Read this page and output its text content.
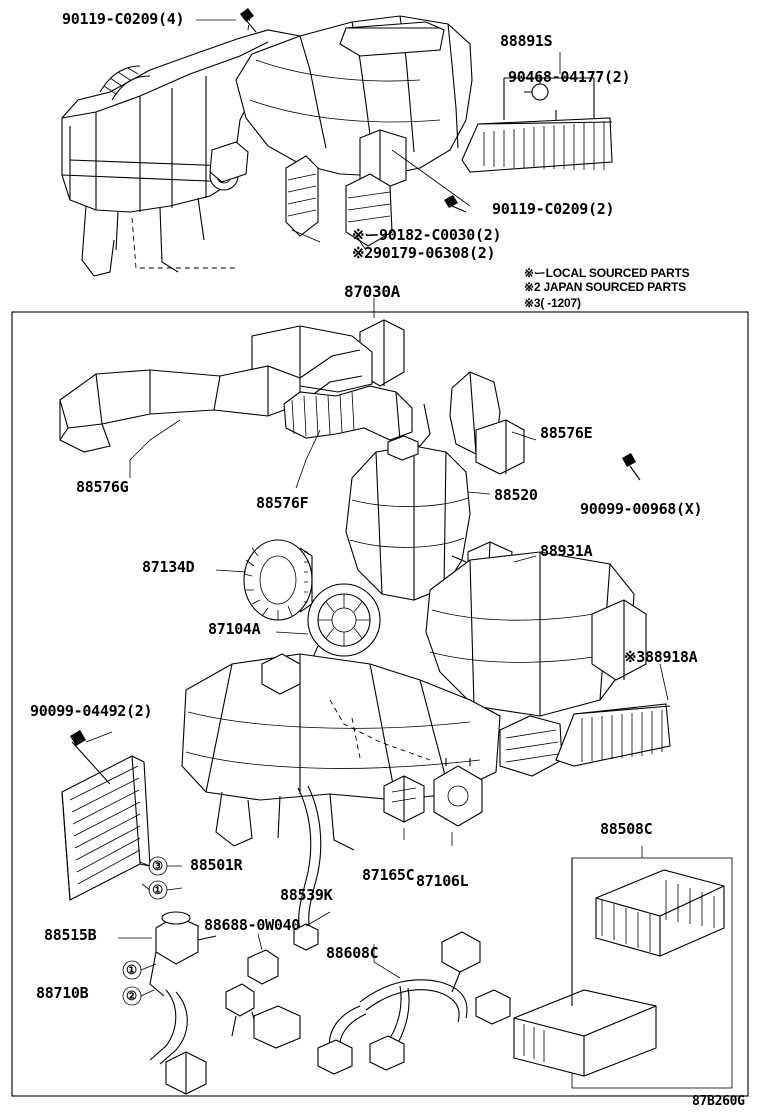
90119-C0209(4)
88891S
90468-04177(2)
90119-C0209(2)
※ー90182-C0030(2)
※290179-06308(2)
※ーLOCAL SOURCED PARTS
※2 JAPAN SOURCED PARTS
※3( -1207)
87030A
88576G
88576F
88576E
88520
90099-00968(X)
88931A
87134D
87104A
※388918A
90099-04492(2)
88501R
87165C 87106L
88508C
88539K
88515B
88688-0W040
88710B
88608C
③
①
①
②
87B260G
